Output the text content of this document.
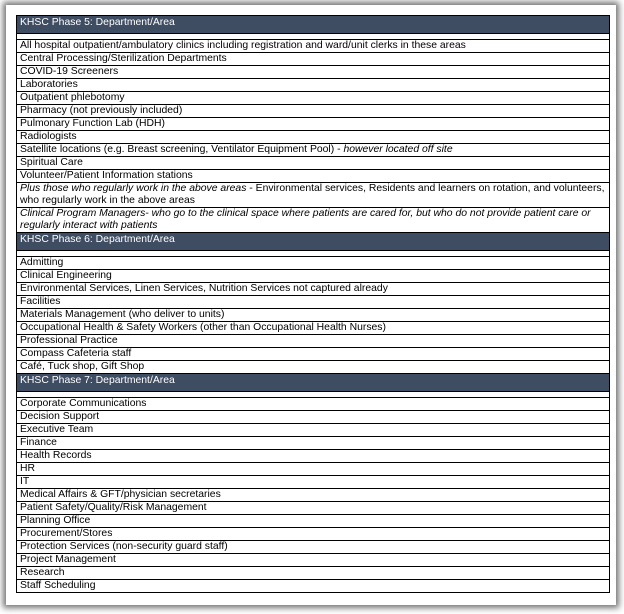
KHSC Phase 5: Department/Area

All hospital outpatient/ambulatory clinics including registration and ward/unit clerks in these areas
Central Processing/Sterilization Departments
COVID-19 Screeners
Laboratories
Outpatient phlebotomy
Pharmacy (not previously included)
Pulmonary Function Lab (HDH)
Radiologists
Satellite locations (e.g. Breast screening, Ventilator Equipment Pool) - however located off site
Spiritual Care
Volunteer/Patient Information stations
Plus those who regularly work in the above areas - Environmental services, Residents and learners on rotation, and volunteers, who regularly work in the above areas
Clinical Program Managers- who go to the clinical space where patients are cared for, but who do not provide patient care or regularly interact with patients
KHSC Phase 6: Department/Area

Admitting
Clinical Engineering
Environmental Services, Linen Services, Nutrition Services not captured already
Facilities
Materials Management (who deliver to units)
Occupational Health & Safety Workers (other than Occupational Health Nurses)
Professional Practice
Compass Cafeteria staff
Café, Tuck shop, Gift Shop
KHSC Phase 7: Department/Area

Corporate Communications
Decision Support
Executive Team
Finance
Health Records
HR
IT
Medical Affairs & GFT/physician secretaries
Patient Safety/Quality/Risk Management
Planning Office
Procurement/Stores
Protection Services (non-security guard staff)
Project Management
Research
Staff Scheduling
